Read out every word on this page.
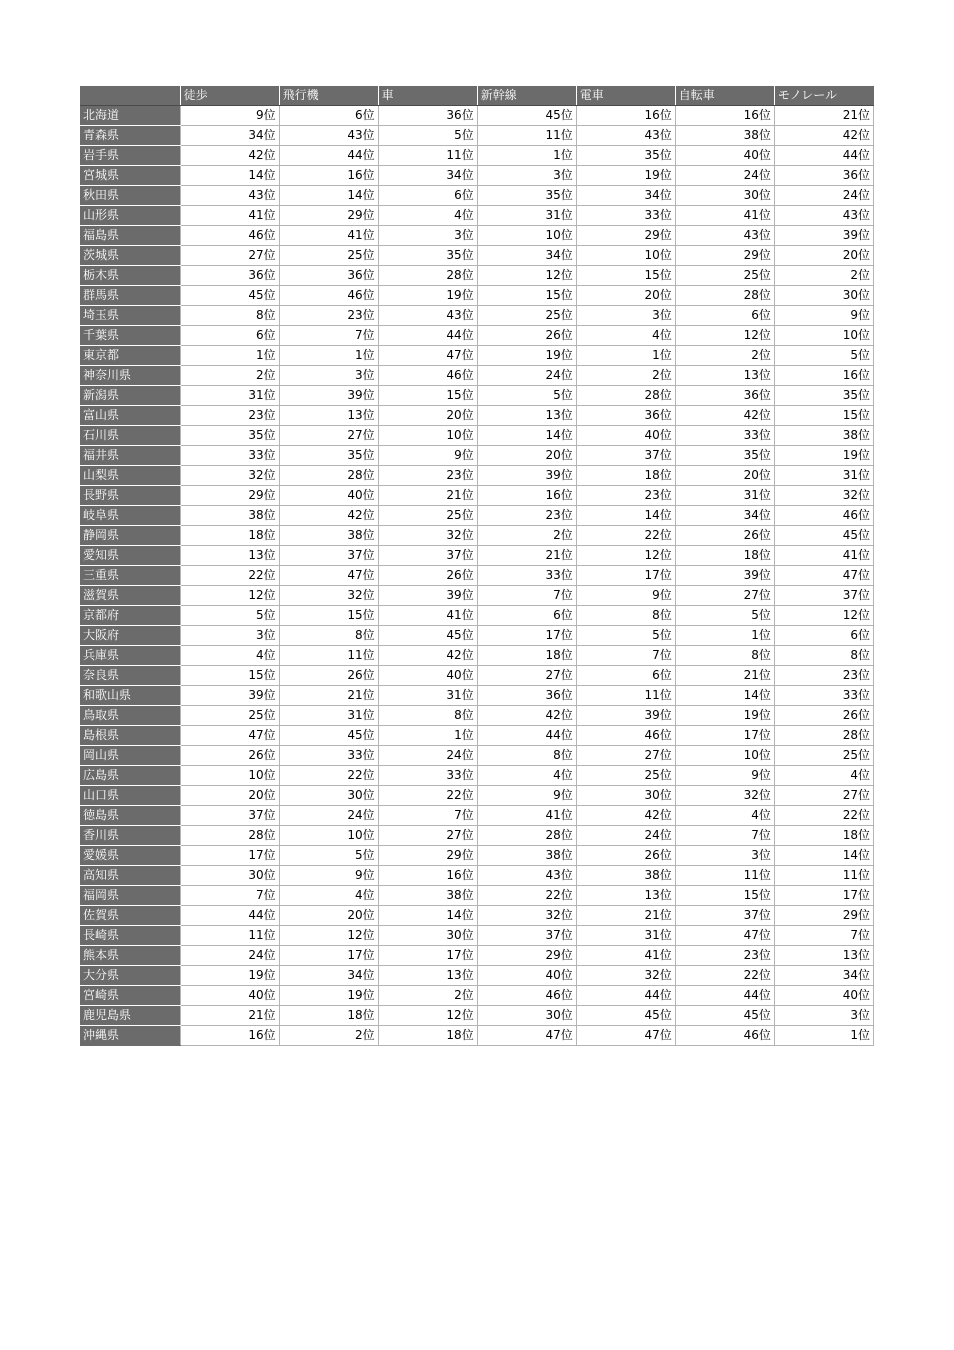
	徒歩	飛行機	車	新幹線	電車	自転車	モノレール
北海道	9位	6位	36位	45位	16位	16位	21位
青森県	34位	43位	5位	11位	43位	38位	42位
岩手県	42位	44位	11位	1位	35位	40位	44位
宮城県	14位	16位	34位	3位	19位	24位	36位
秋田県	43位	14位	6位	35位	34位	30位	24位
山形県	41位	29位	4位	31位	33位	41位	43位
福島県	46位	41位	3位	10位	29位	43位	39位
茨城県	27位	25位	35位	34位	10位	29位	20位
栃木県	36位	36位	28位	12位	15位	25位	2位
群馬県	45位	46位	19位	15位	20位	28位	30位
埼玉県	8位	23位	43位	25位	3位	6位	9位
千葉県	6位	7位	44位	26位	4位	12位	10位
東京都	1位	1位	47位	19位	1位	2位	5位
神奈川県	2位	3位	46位	24位	2位	13位	16位
新潟県	31位	39位	15位	5位	28位	36位	35位
富山県	23位	13位	20位	13位	36位	42位	15位
石川県	35位	27位	10位	14位	40位	33位	38位
福井県	33位	35位	9位	20位	37位	35位	19位
山梨県	32位	28位	23位	39位	18位	20位	31位
長野県	29位	40位	21位	16位	23位	31位	32位
岐阜県	38位	42位	25位	23位	14位	34位	46位
静岡県	18位	38位	32位	2位	22位	26位	45位
愛知県	13位	37位	37位	21位	12位	18位	41位
三重県	22位	47位	26位	33位	17位	39位	47位
滋賀県	12位	32位	39位	7位	9位	27位	37位
京都府	5位	15位	41位	6位	8位	5位	12位
大阪府	3位	8位	45位	17位	5位	1位	6位
兵庫県	4位	11位	42位	18位	7位	8位	8位
奈良県	15位	26位	40位	27位	6位	21位	23位
和歌山県	39位	21位	31位	36位	11位	14位	33位
鳥取県	25位	31位	8位	42位	39位	19位	26位
島根県	47位	45位	1位	44位	46位	17位	28位
岡山県	26位	33位	24位	8位	27位	10位	25位
広島県	10位	22位	33位	4位	25位	9位	4位
山口県	20位	30位	22位	9位	30位	32位	27位
徳島県	37位	24位	7位	41位	42位	4位	22位
香川県	28位	10位	27位	28位	24位	7位	18位
愛媛県	17位	5位	29位	38位	26位	3位	14位
高知県	30位	9位	16位	43位	38位	11位	11位
福岡県	7位	4位	38位	22位	13位	15位	17位
佐賀県	44位	20位	14位	32位	21位	37位	29位
長崎県	11位	12位	30位	37位	31位	47位	7位
熊本県	24位	17位	17位	29位	41位	23位	13位
大分県	19位	34位	13位	40位	32位	22位	34位
宮崎県	40位	19位	2位	46位	44位	44位	40位
鹿児島県	21位	18位	12位	30位	45位	45位	3位
沖縄県	16位	2位	18位	47位	47位	46位	1位
